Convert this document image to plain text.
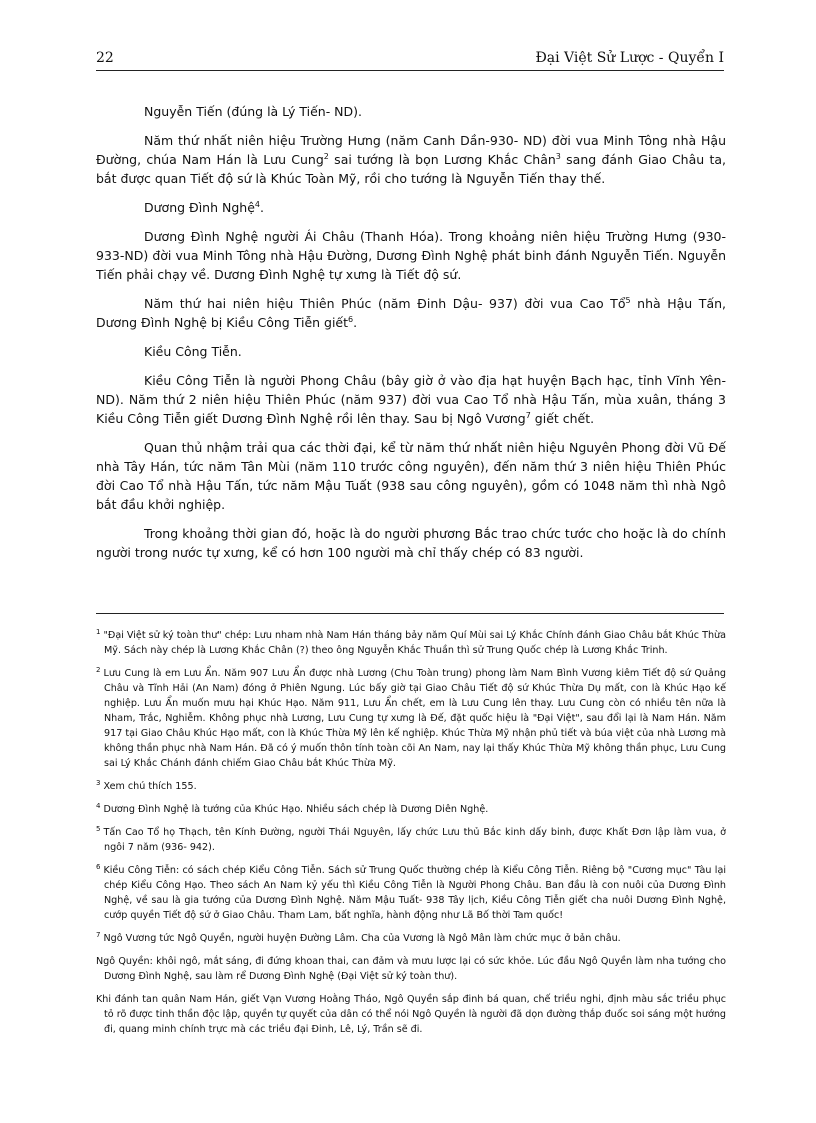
22	Đại Việt Sử Lược - Quyển I

Nguyễn Tiến (đúng là Lý Tiến- ND).

Năm thứ nhất niên hiệu Trường Hưng (năm Canh Dần-930- ND) đời vua Minh Tông nhà Hậu Đường, chúa Nam Hán là Lưu Cung$^2$ sai tướng là bọn Lương Khắc Chân$^3$ sang đánh Giao Châu ta, bắt được quan Tiết độ sứ là Khúc Toàn Mỹ, rồi cho tướng là Nguyễn Tiến thay thế.

Dương Đình Nghệ$^4$.

Dương Đình Nghệ người Ái Châu (Thanh Hóa). Trong khoảng niên hiệu Trường Hưng (930- 933-ND) đời vua Minh Tông nhà Hậu Đường, Dương Đình Nghệ phát binh đánh Nguyễn Tiến. Nguyễn Tiến phải chạy về. Dương Đình Nghệ tự xưng là Tiết độ sứ.

Năm thứ hai niên hiệu Thiên Phúc (năm Đinh Dậu- 937) đời vua Cao Tổ$^5$ nhà Hậu Tấn, Dương Đình Nghệ bị Kiều Công Tiễn giết$^6$.

Kiều Công Tiễn.

Kiều Công Tiễn là người Phong Châu (bây giờ ở vào địa hạt huyện Bạch hạc, tỉnh Vĩnh Yên-ND). Năm thứ 2 niên hiệu Thiên Phúc (năm 937) đời vua Cao Tổ nhà Hậu Tấn, mùa xuân, tháng 3 Kiều Công Tiễn giết Dương Đình Nghệ rồi lên thay. Sau bị Ngô Vương$^7$ giết chết.

Quan thủ nhậm trải qua các thời đại, kể từ năm thứ nhất niên hiệu Nguyên Phong đời Vũ Đế nhà Tây Hán, tức năm Tân Mùi (năm 110 trước công nguyên), đến năm thứ 3 niên hiệu Thiên Phúc đời Cao Tổ nhà Hậu Tấn, tức năm Mậu Tuất (938 sau công nguyên), gồm có 1048 năm thì nhà Ngô bắt đầu khởi nghiệp.

Trong khoảng thời gian đó, hoặc là do người phương Bắc trao chức tước cho hoặc là do chính người trong nước tự xưng, kể có hơn 100 người mà chỉ thấy chép có 83 người.

$^1$ "Đại Việt sử ký toàn thư" chép: Lưu nham nhà Nam Hán tháng bảy năm Quí Mùi sai Lý Khắc Chính đánh Giao Châu bắt Khúc Thừa Mỹ. Sách này chép là Lương Khắc Chân (?) theo ông Nguyễn Khắc Thuần thì sử Trung Quốc chép là Lương Khắc Trinh.
$^2$ Lưu Cung là em Lưu Ẩn. Năm 907 Lưu Ẩn được nhà Lương (Chu Toàn trung) phong làm Nam Bình Vương kiêm Tiết độ sứ Quảng Châu và Tĩnh Hải (An Nam) đóng ở Phiên Ngung. Lúc bấy giờ tại Giao Châu Tiết độ sứ Khúc Thừa Dụ mất, con là Khúc Hạo kế nghiệp. Lưu Ẩn muốn mưu hại Khúc Hạo. Năm 911, Lưu Ẩn chết, em là Lưu Cung lên thay. Lưu Cung còn có nhiều tên nữa là Nham, Trắc, Nghiễm. Không phục nhà Lương, Lưu Cung tự xưng là Đế, đặt quốc hiệu là "Đại Việt", sau đổi lại là Nam Hán. Năm 917 tại Giao Châu Khúc Hạo mất, con là Khúc Thừa Mỹ lên kế nghiệp. Khúc Thừa Mỹ nhận phủ tiết và búa việt của nhà Lương mà không thần phục nhà Nam Hán. Đã có ý muốn thôn tính toàn cõi An Nam, nay lại thấy Khúc Thừa Mỹ không thần phục, Lưu Cung sai Lý Khắc Chánh đánh chiếm Giao Châu bắt Khúc Thừa Mỹ.
$^3$ Xem chú thích 155.
$^4$ Dương Đình Nghệ là tướng của Khúc Hạo. Nhiều sách chép là Dương Diên Nghệ.
$^5$ Tấn Cao Tổ họ Thạch, tên Kính Đường, người Thái Nguyên, lấy chức Lưu thủ Bắc kinh dấy binh, được Khất Đơn lập làm vua, ở ngôi 7 năm (936- 942).
$^6$ Kiều Công Tiễn: có sách chép Kiểu Công Tiễn. Sách sử Trung Quốc thường chép là Kiểu Công Tiễn. Riêng bộ "Cương mục" Tàu lại chép Kiểu Công Hạo. Theo sách An Nam kỷ yếu thì Kiều Công Tiễn là Người Phong Châu. Ban đầu là con nuôi của Dương Đình Nghệ, về sau là gia tướng của Dương Đình Nghệ. Năm Mậu Tuất- 938 Tây lịch, Kiều Công Tiễn giết cha nuôi Dương Đình Nghệ, cướp quyền Tiết độ sứ ở Giao Châu. Tham Lam, bất nghĩa, hành động như Lã Bố thời Tam quốc!
$^7$ Ngô Vương tức Ngô Quyền, người huyện Đường Lâm. Cha của Vương là Ngô Mân làm chức mục ở bản châu.
Ngô Quyền: khôi ngô, mắt sáng, đi đứng khoan thai, can đảm và mưu lược lại có sức khỏe. Lúc đầu Ngô Quyền làm nha tướng cho Dương Đình Nghệ, sau làm rể Dương Đình Nghệ (Đại Việt sử ký toàn thư).
Khi đánh tan quân Nam Hán, giết Vạn Vương Hoằng Tháo, Ngô Quyền sắp đinh bá quan, chế triều nghi, định màu sắc triều phục tỏ rõ được tinh thần độc lập, quyền tự quyết của dân có thể nói Ngô Quyền là người đã dọn đường thắp đuốc soi sáng một hướng đi, quang minh chính trực mà các triều đại Đinh, Lê, Lý, Trần sẽ đi.
